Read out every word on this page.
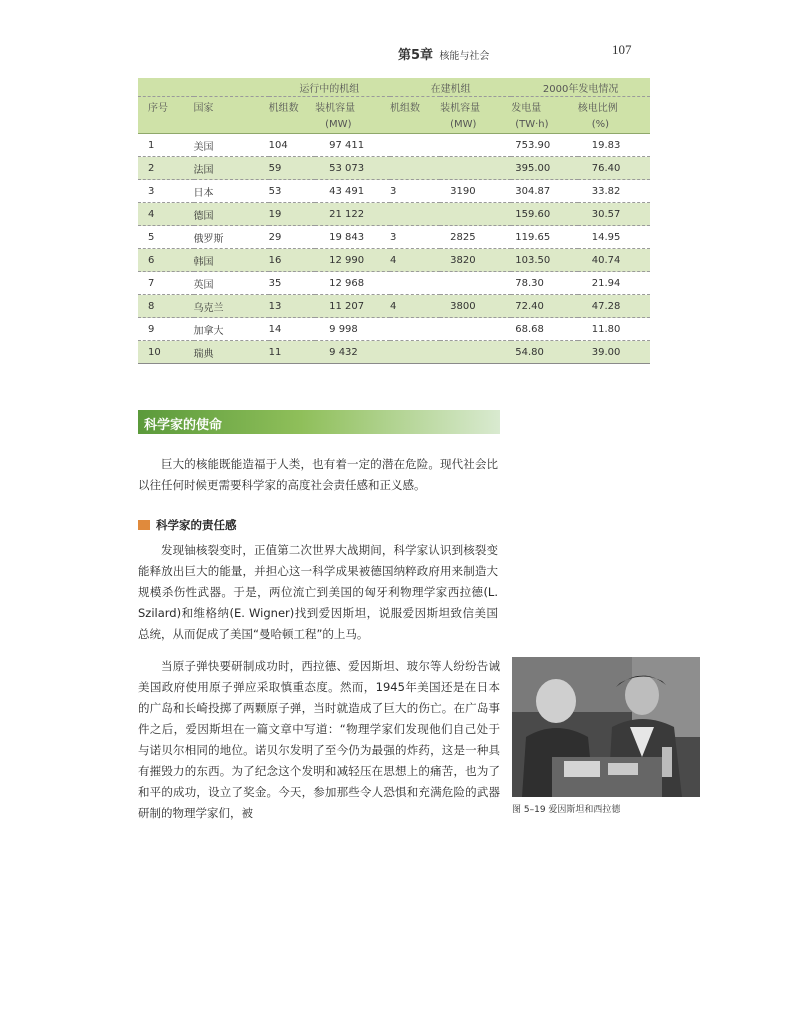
第5章 核能与社会	107
		运行中的机组		在建机组		2000年发电情况	
序号	国家	机组数	装机容量	机组数	装机容量	发电量	核电比例
			(MW)		(MW)	(TW·h)	(%)
1	美国	104	97 411			753.90	19.83
2	法国	59	53 073			395.00	76.40
3	日本	53	43 491	3	3190	304.87	33.82
4	德国	19	21 122			159.60	30.57
5	俄罗斯	29	19 843	3	2825	119.65	14.95
6	韩国	16	12 990	4	3820	103.50	40.74
7	英国	35	12 968			78.30	21.94
8	乌克兰	13	11 207	4	3800	72.40	47.28
9	加拿大	14	9 998			68.68	11.80
10	瑞典	11	9 432			54.80	39.00
科学家的使命
巨大的核能既能造福于人类，也有着一定的潜在危险。现代社会比以往任何时候更需要科学家的高度社会责任感和正义感。
科学家的责任感
发现铀核裂变时，正值第二次世界大战期间，科学家认识到核裂变能释放出巨大的能量，并担心这一科学成果被德国纳粹政府用来制造大规模杀伤性武器。于是，两位流亡到美国的匈牙利物理学家西拉德(L. Szilard)和维格纳(E. Wigner)找到爱因斯坦，说服爱因斯坦致信美国总统，从而促成了美国“曼哈顿工程”的上马。
当原子弹快要研制成功时，西拉德、爱因斯坦、玻尔等人纷纷告诫美国政府使用原子弹应采取慎重态度。然而，1945年美国还是在日本的广岛和长崎投掷了两颗原子弹，当时就造成了巨大的伤亡。在广岛事件之后，爱因斯坦在一篇文章中写道：“物理学家们发现他们自己处于与诺贝尔相同的地位。诺贝尔发明了至今仍为最强的炸药，这是一种具有摧毁力的东西。为了纪念这个发明和减轻压在思想上的痛苦，也为了和平的成功，设立了奖金。今天，参加那些令人恐惧和充满危险的武器研制的物理学家们，被	图 5–19 爱因斯坦和西拉德
